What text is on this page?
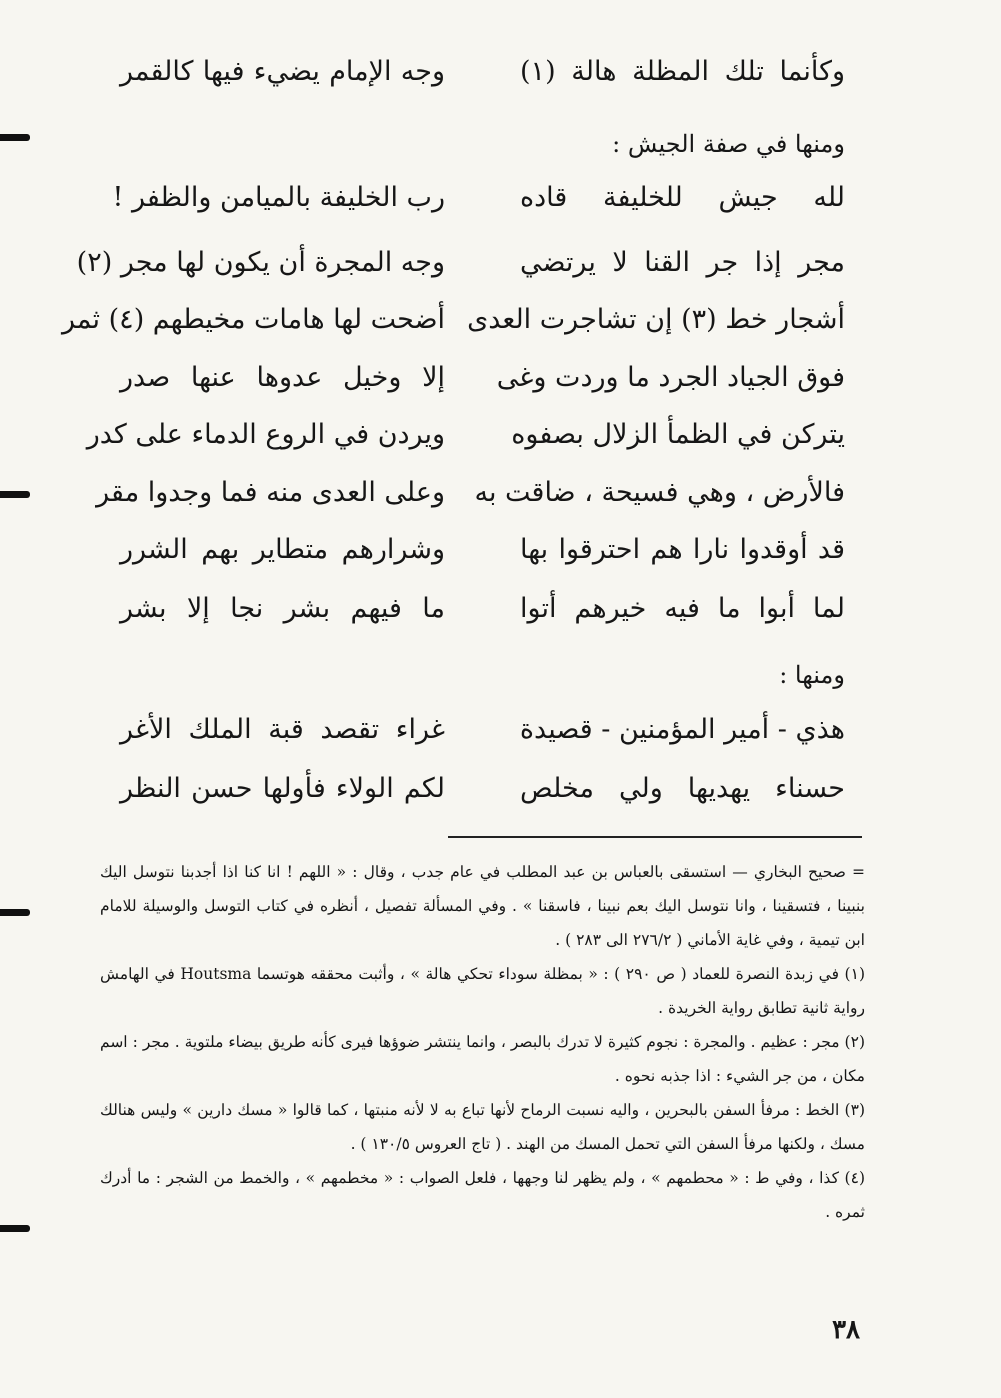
وكأنما تلك المظلة هالة (١)
وجه الإمام يضيء فيها كالقمر
ومنها في صفة الجيش :
لله جيش للخليفة قاده
رب الخليفة بالميامن والظفر !
مجر إذا جر القنا لا يرتضي
وجه المجرة أن يكون لها مجر (٢)
أشجار خط (٣) إن تشاجرت العدى
أضحت لها هامات مخيطهم (٤) ثمر
فوق الجياد الجرد ما وردت وغى
إلا وخيل عدوها عنها صدر
يتركن في الظمأ الزلال بصفوه
ويردن في الروع الدماء على كدر
فالأرض ، وهي فسيحة ، ضاقت به
وعلى العدى منه فما وجدوا مقر
قد أوقدوا نارا هم احترقوا بها
وشرارهم متطاير بهم الشرر
لما أبوا ما فيه خيرهم أتوا
ما فيهم بشر نجا إلا بشر
ومنها :
هذي - أمير المؤمنين - قصيدة
غراء تقصد قبة الملك الأغر
حسناء يهديها ولي مخلص
لكم الولاء فأولها حسن النظر

= صحيح البخاري — استسقى بالعباس بن عبد المطلب في عام جدب ، وقال : « اللهم ! انا كنا اذا أجدبنا نتوسل اليك بنبينا ، فتسقينا ، وانا نتوسل اليك بعم نبينا ، فاسقنا » . وفي المسألة تفصيل ، أنظره في كتاب التوسل والوسيلة للامام ابن تيمية ، وفي غاية الأماني ( ٢٧٦/٢ الى ٢٨٣ ) .

(١) في زبدة النصرة للعماد ( ص ٢٩٠ ) : « بمظلة سوداء تحكي هالة » ، وأثبت محققه هوتسما Houtsma في الهامش رواية ثانية تطابق رواية الخريدة .

(٢) مجر : عظيم . والمجرة : نجوم كثيرة لا تدرك بالبصر ، وانما ينتشر ضوؤها فيرى كأنه طريق بيضاء ملتوية . مجر : اسم مكان ، من جر الشيء : اذا جذبه نحوه .

(٣) الخط : مرفأ السفن بالبحرين ، واليه نسبت الرماح لأنها تباع به لا لأنه منبتها ، كما قالوا « مسك دارين » وليس هنالك مسك ، ولكنها مرفأ السفن التي تحمل المسك من الهند . ( تاج العروس ١٣٠/٥ ) .

(٤) كذا ، وفي ط : « محطمهم » ، ولم يظهر لنا وجهها ، فلعل الصواب : « مخطمهم » ، والخمط من الشجر : ما أدرك ثمره .

٣٨
